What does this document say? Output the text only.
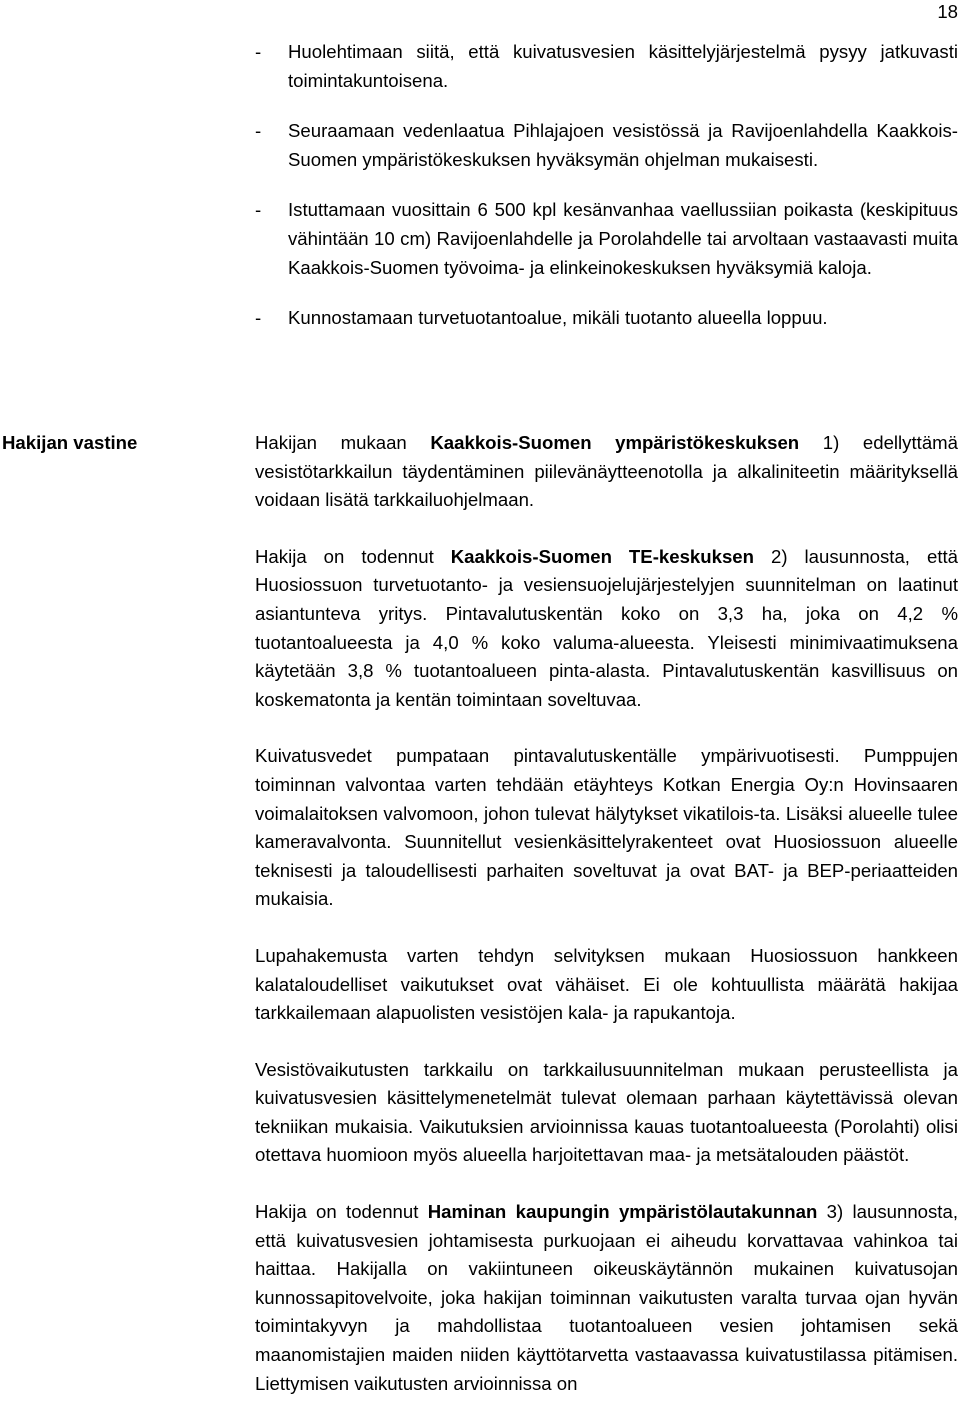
18

- Huolehtimaan siitä, että kuivatusvesien käsittelyjärjestelmä pysyy jatkuvasti toimintakuntoisena.
- Seuraamaan vedenlaatua Pihlajajoen vesistössä ja Ravijoenlahdella Kaakkois-Suomen ympäristökeskuksen hyväksymän ohjelman mukaisesti.
- Istuttamaan vuosittain 6 500 kpl kesänvanhaa vaellussiian poikasta (keskipituus vähintään 10 cm) Ravijoenlahdelle ja Porolahdelle tai arvoltaan vastaavasti muita Kaakkois-Suomen työvoima- ja elinkeinokeskuksen hyväksymiä kaloja.
- Kunnostamaan turvetuotantoalue, mikäli tuotanto alueella loppuu.

Hakijan vastine	Hakijan mukaan Kaakkois-Suomen ympäristökeskuksen 1) edellyttämä vesistötarkkailun täydentäminen piilevänäytteenotolla ja alkaliniteetin määrityksellä voidaan lisätä tarkkailuohjelmaan.

Hakija on todennut Kaakkois-Suomen TE-keskuksen 2) lausunnosta, että Huosiossuon turvetuotanto- ja vesiensuojelujärjestelyjen suunnitelman on laatinut asiantunteva yritys. Pintavalutuskentän koko on 3,3 ha, joka on 4,2 % tuotantoalueesta ja 4,0 % koko valuma-alueesta. Yleisesti minimivaatimuksena käytetään 3,8 % tuotantoalueen pinta-alasta. Pintavalutuskentän kasvillisuus on koskematonta ja kentän toimintaan soveltuvaa.

Kuivatusvedet pumpataan pintavalutuskentälle ympärivuotisesti. Pumppujen toiminnan valvontaa varten tehdään etäyhteys Kotkan Energia Oy:n Hovinsaaren voimalaitoksen valvomoon, johon tulevat hälytykset vikatilois-ta. Lisäksi alueelle tulee kameravalvonta. Suunnitellut vesienkäsittelyrakenteet ovat Huosiossuon alueelle teknisesti ja taloudellisesti parhaiten soveltuvat ja ovat BAT- ja BEP-periaatteiden mukaisia.

Lupahakemusta varten tehdyn selvityksen mukaan Huosiossuon hankkeen kalataloudelliset vaikutukset ovat vähäiset. Ei ole kohtuullista määrätä hakijaa tarkkailemaan alapuolisten vesistöjen kala- ja rapukantoja.

Vesistövaikutusten tarkkailu on tarkkailusuunnitelman mukaan perusteellista ja kuivatusvesien käsittelymenetelmät tulevat olemaan parhaan käytettävissä olevan tekniikan mukaisia. Vaikutuksien arvioinnissa kauas tuotantoalueesta (Porolahti) olisi otettava huomioon myös alueella harjoitettavan maa- ja metsätalouden päästöt.

Hakija on todennut Haminan kaupungin ympäristölautakunnan 3) lausunnosta, että kuivatusvesien johtamisesta purkuojaan ei aiheudu korvattavaa vahinkoa tai haittaa. Hakijalla on vakiintuneen oikeuskäytännön mukainen kuivatusojan kunnossapitovelvoite, joka hakijan toiminnan vaikutusten varalta turvaa ojan hyvän toimintakyvyn ja mahdollistaa tuotantoalueen vesien johtamisen sekä maanomistajien maiden niiden käyttötarvetta vastaavassa kuivatustilassa pitämisen. Liettymisen vaikutusten arvioinnissa on
